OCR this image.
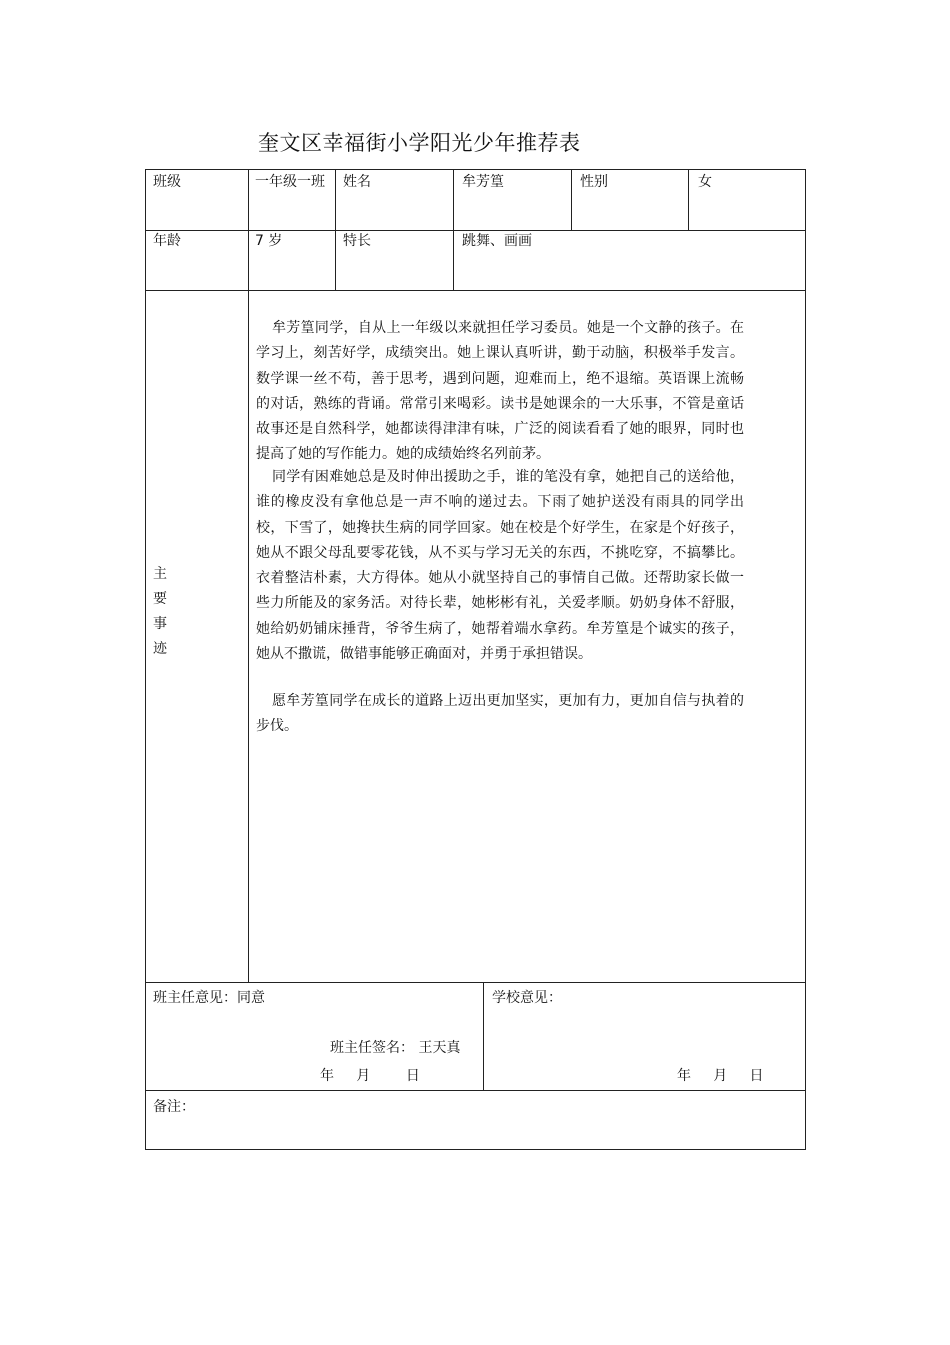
奎文区幸福街小学阳光少年推荐表
班级	一年级一班	姓名	牟芳篁	性别	女
年龄	7 岁	特长	跳舞、画画
主要事迹

牟芳篁同学，自从上一年级以来就担任学习委员。她是一个文静的孩子。在学习上，刻苦好学，成绩突出。她上课认真听讲，勤于动脑，积极举手发言。数学课一丝不苟，善于思考，遇到问题，迎难而上，绝不退缩。英语课上流畅的对话，熟练的背诵。常常引来喝彩。读书是她课余的一大乐事，不管是童话故事还是自然科学，她都读得津津有味，广泛的阅读看看了她的眼界，同时也提高了她的写作能力。她的成绩始终名列前茅。

同学有困难她总是及时伸出援助之手，谁的笔没有拿，她把自己的送给他，谁的橡皮没有拿他总是一声不响的递过去。下雨了她护送没有雨具的同学出校，下雪了，她搀扶生病的同学回家。她在校是个好学生，在家是个好孩子，她从不跟父母乱要零花钱，从不买与学习无关的东西，不挑吃穿，不搞攀比。衣着整洁朴素，大方得体。她从小就坚持自己的事情自己做。还帮助家长做一些力所能及的家务活。对待长辈，她彬彬有礼，关爱孝顺。奶奶身体不舒服，她给奶奶铺床捶背，爷爷生病了，她帮着端水拿药。牟芳篁是个诚实的孩子，她从不撒谎，做错事能够正确面对，并勇于承担错误。

愿牟芳篁同学在成长的道路上迈出更加坚实，更加有力，更加自信与执着的步伐。

班主任意见：同意
班主任签名： 王天真
年     月        日
学校意见：
年     月     日
备注：
